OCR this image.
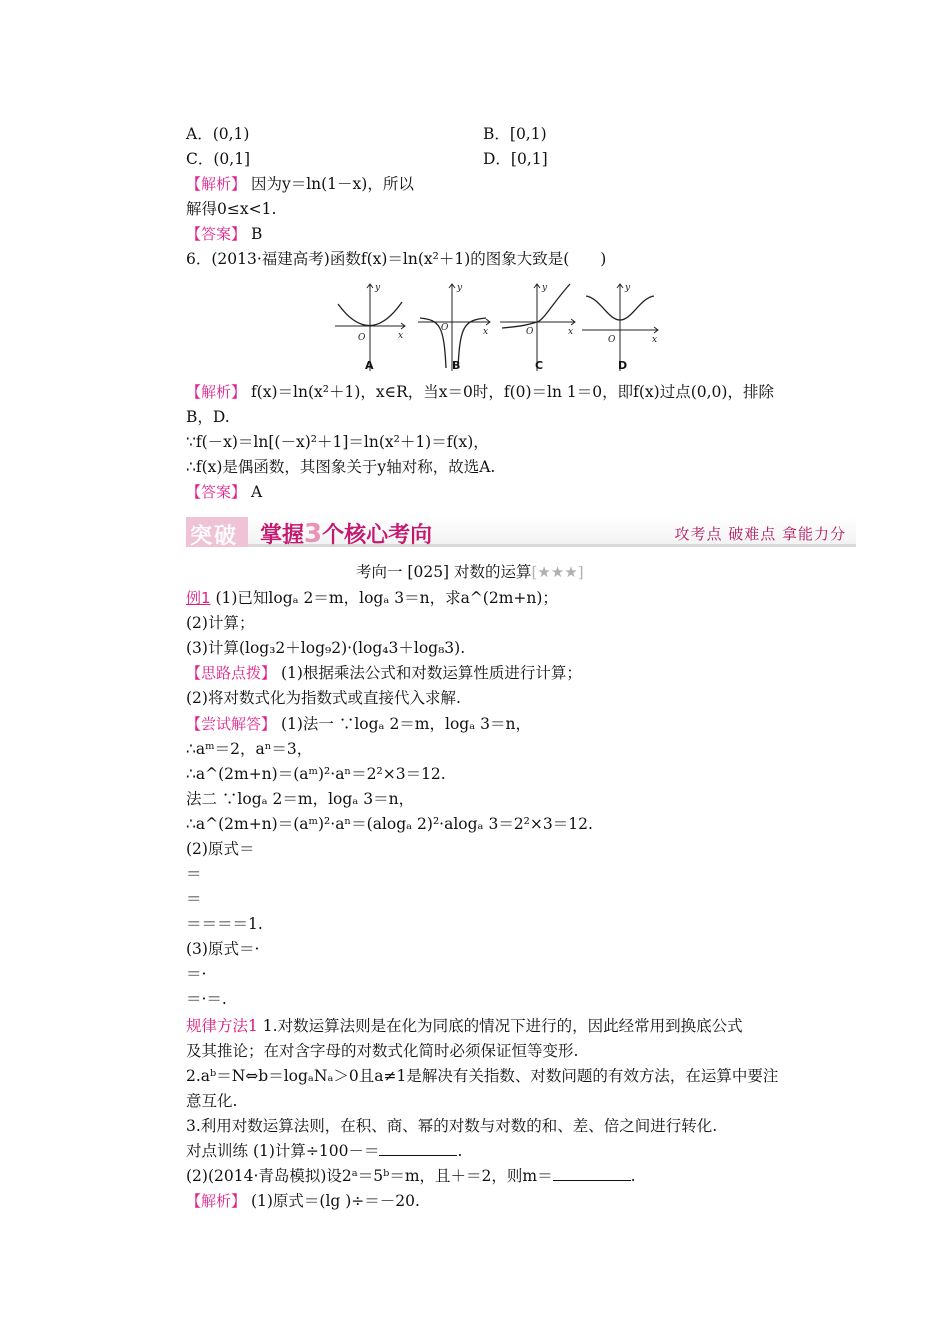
A．(0,1)	B．[0,1)
C．(0,1]	D．[0,1]
【解析】 因为y＝ln(1－x)，所以
解得0≤x<1.
【答案】 B
6．(2013·福建高考)函数f(x)＝ln(x²＋1)的图象大致是(　　)
y
x
O
y
x
O
y
x
O
y
x
O
A	B	C	D
【解析】 f(x)＝ln(x²＋1)，x∈R，当x＝0时，f(0)＝ln 1＝0，即f(x)过点(0,0)，排除
B，D.
∵f(－x)＝ln[(－x)²＋1]＝ln(x²＋1)＝f(x)，
∴f(x)是偶函数，其图象关于y轴对称，故选A.
【答案】 A
突破 掌握3个核心考向	攻考点 破难点 拿能力分
考向一 [025] 对数的运算[★★★]
例1 (1)已知logₐ 2＝m，logₐ 3＝n，求a^(2m+n)；
(2)计算；
(3)计算(log₃2＋log₉2)·(log₄3＋log₈3).
【思路点拨】 (1)根据乘法公式和对数运算性质进行计算；
(2)将对数式化为指数式或直接代入求解.
【尝试解答】 (1)法一 ∵logₐ 2＝m，logₐ 3＝n，
∴aᵐ＝2，aⁿ＝3，
∴a^(2m+n)＝(aᵐ)²·aⁿ＝2²×3＝12.
法二 ∵logₐ 2＝m，logₐ 3＝n，
∴a^(2m+n)＝(aᵐ)²·aⁿ＝(alogₐ 2)²·alogₐ 3＝2²×3＝12.
(2)原式＝
＝
＝
＝＝＝＝1.
(3)原式＝·
＝·
＝·＝.
规律方法1 1.对数运算法则是在化为同底的情况下进行的，因此经常用到换底公式
及其推论；在对含字母的对数式化简时必须保证恒等变形.
2.aᵇ＝N⇔b＝logₐNₐ＞0且a≠1是解决有关指数、对数问题的有效方法，在运算中要注
意互化.
3.利用对数运算法则，在积、商、幂的对数与对数的和、差、倍之间进行转化.
对点训练 (1)计算÷100－＝	.
(2)(2014·青岛模拟)设2ᵃ＝5ᵇ＝m，且＋＝2，则m＝	.
【解析】 (1)原式＝(lg )÷＝－20.
